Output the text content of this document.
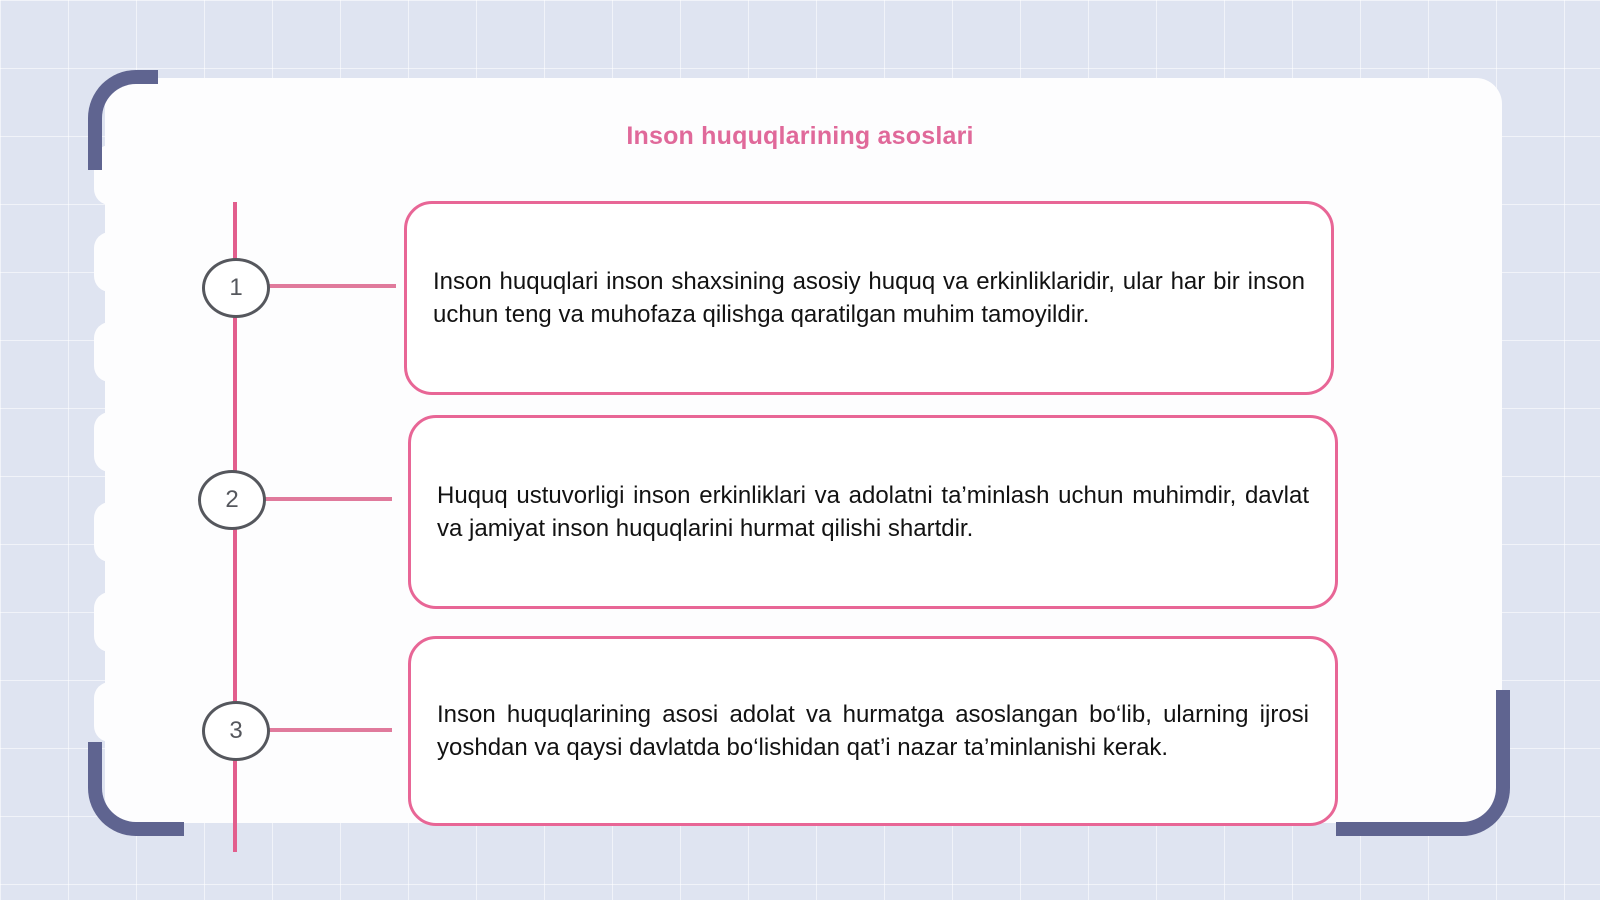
Inson huquqlarining asoslari
1
2
3

Inson huquqlari inson shaxsining asosiy huquq va erkinliklaridir, ular har bir inson uchun teng va muhofaza qilishga qaratilgan muhim tamoyildir.

Huquq ustuvorligi inson erkinliklari va adolatni ta’minlash uchun muhimdir, davlat va jamiyat inson huquqlarini hurmat qilishi shartdir.

Inson huquqlarining asosi adolat va hurmatga asoslangan bo‘lib, ularning ijrosi yoshdan va qaysi davlatda bo‘lishidan qat’i nazar ta’minlanishi kerak.
